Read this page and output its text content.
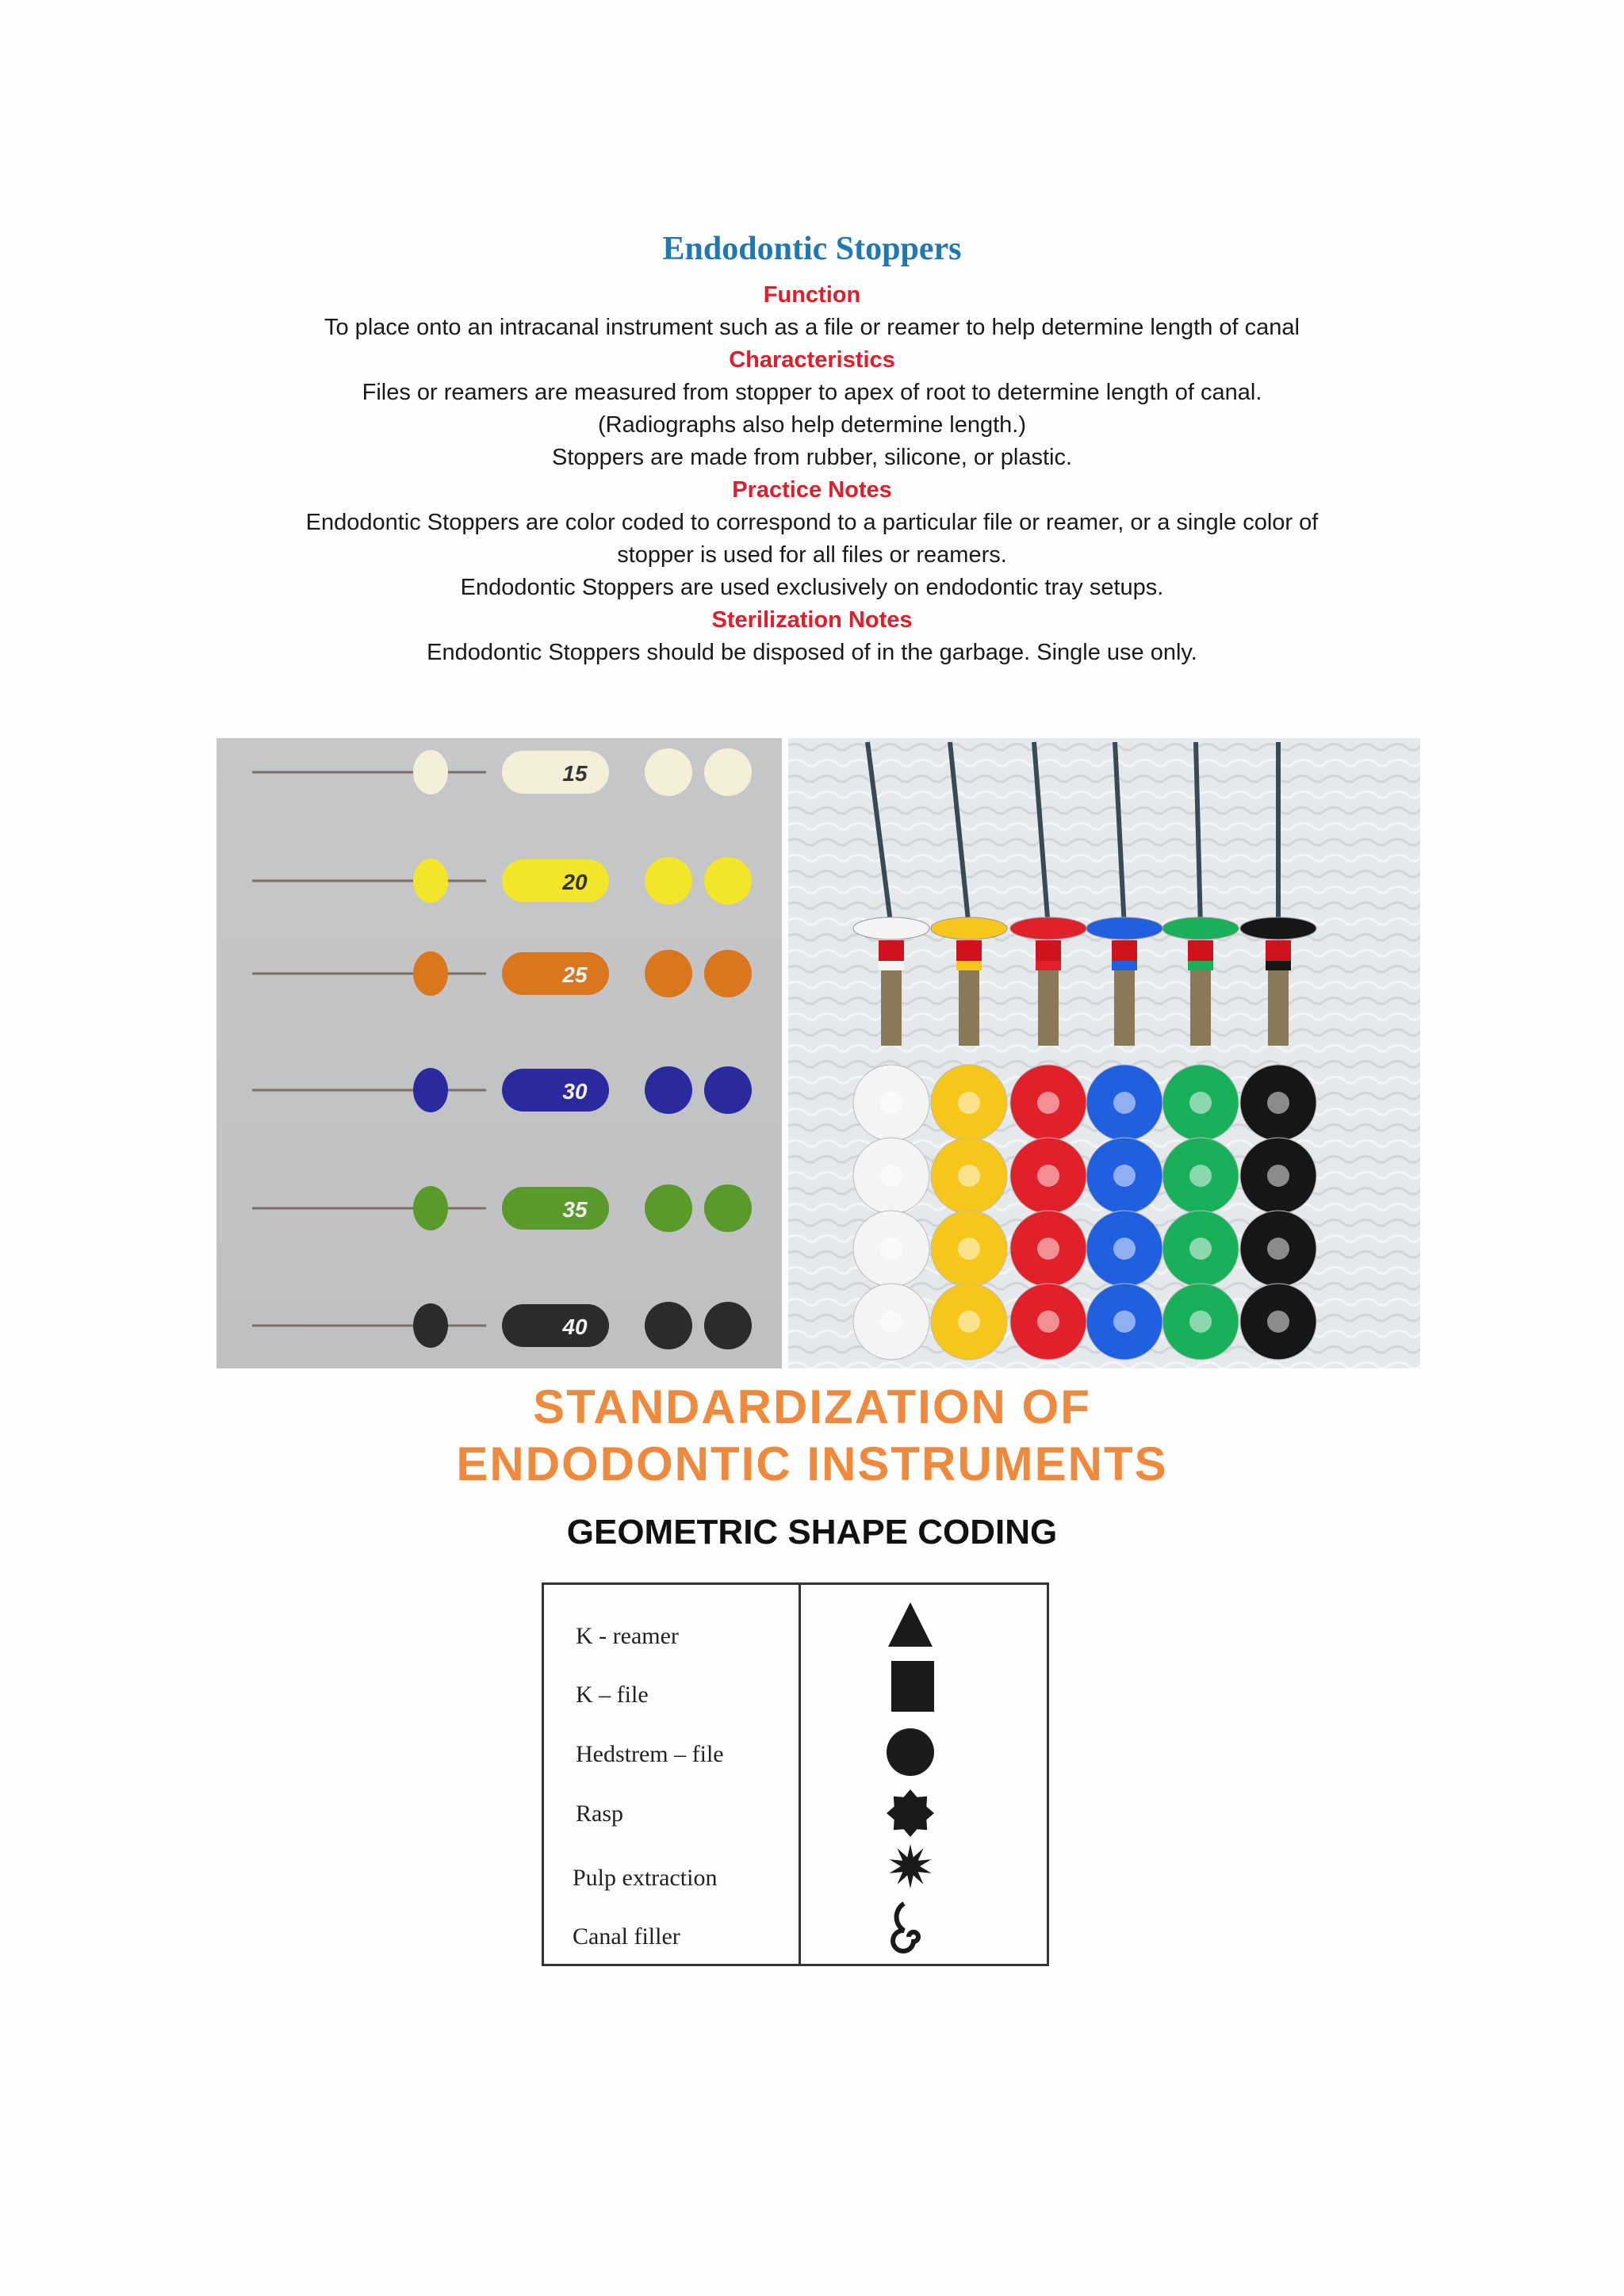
Endodontic Stoppers
Function
To place onto an intracanal instrument such as a file or reamer to help determine length of canal
Characteristics
Files or reamers are measured from stopper to apex of root to determine length of canal.
(Radiographs also help determine length.)
Stoppers are made from rubber, silicone, or plastic.
Practice Notes
Endodontic Stoppers are color coded to correspond to a particular file or reamer, or a single color of
stopper is used for all files or reamers.
Endodontic Stoppers are used exclusively on endodontic tray setups.
Sterilization Notes
Endodontic Stoppers should be disposed of in the garbage. Single use only.
15
20
25
30
35
40
STANDARDIZATION OF
ENDODONTIC INSTRUMENTS
GEOMETRIC SHAPE CODING
K - reamer
K – file
Hedstrem – file
Rasp
Pulp extraction
Canal filler
